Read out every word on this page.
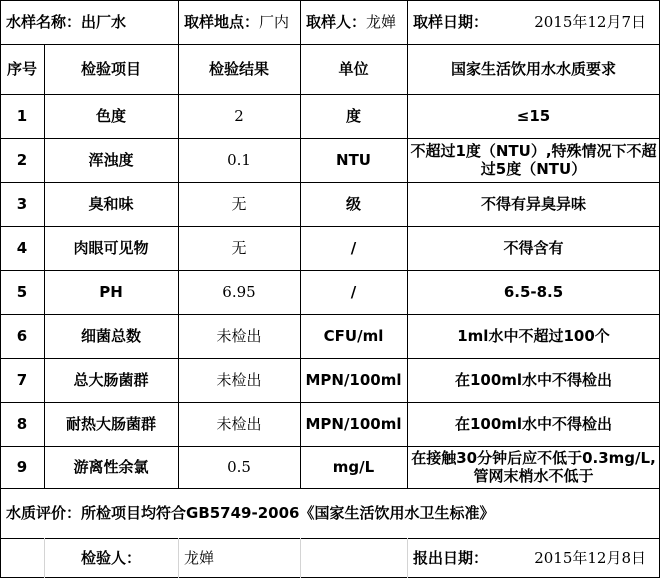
水样名称：出厂水	取样地点： 厂内 取样人： 龙婵	取样日期：	2015年12月7日
序号	检验项目	检验结果	单位	国家生活饮用水水质要求
1	色度	2	度	≤15
2	浑浊度	0.1	NTU	不超过1度（NTU）,特殊情况下不超过5度（NTU）
3	臭和味	无	级	不得有异臭异味
4	肉眼可见物	无	/	不得含有
5	PH	6.95	/	6.5-8.5
6	细菌总数	未检出	CFU/ml	1ml水中不超过100个
7	总大肠菌群	未检出	MPN/100ml	在100ml水中不得检出
8	耐热大肠菌群	未检出	MPN/100ml	在100ml水中不得检出
9	游离性余氯	0.5	mg/L	在接触30分钟后应不低于0.3mg/L,管网末梢水不低于
水质评价：所检项目均符合GB5749-2006《国家生活饮用水卫生标准》
检验人：	龙婵	报出日期：	2015年12月8日
